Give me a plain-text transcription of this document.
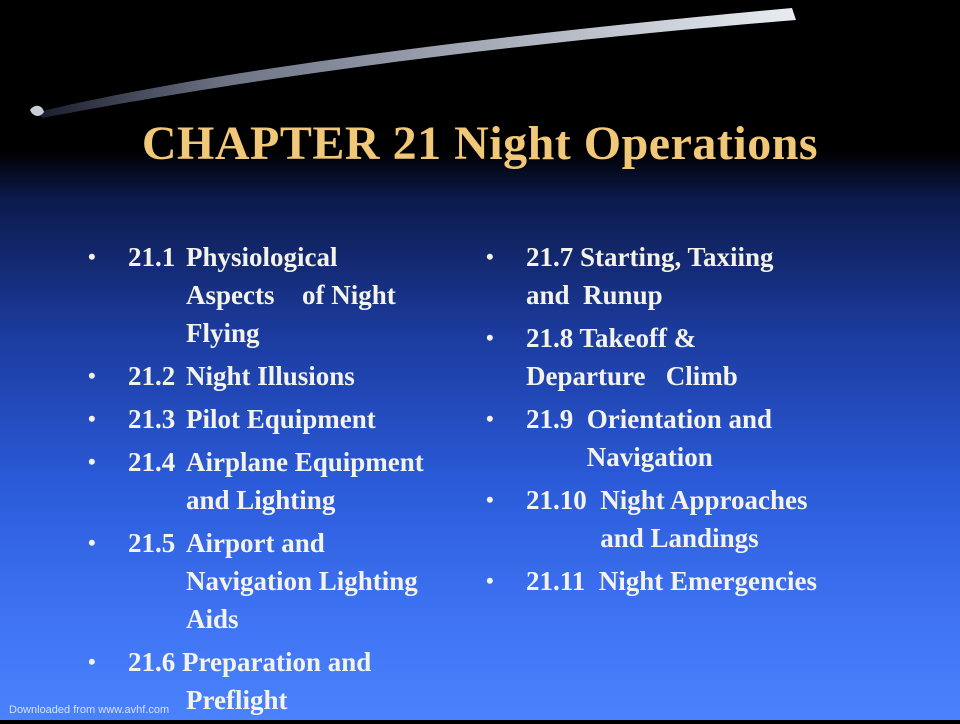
CHAPTER 21 Night Operations
•	21.1	Physiological
	Aspects	of Night
	Flying
•	21.2	Night Illusions
•	21.3	Pilot Equipment
•	21.4	Airplane Equipment
	and Lighting
•	21.5	Airport and
	Navigation Lighting
	Aids
•	21.6 Preparation and
	Preflight
•	21.7 Starting, Taxiing
and  Runup
•	21.8 Takeoff &
Departure   Climb
•	21.9  Orientation and
Navigation
•	21.10  Night Approaches
and Landings
•	21.11  Night Emergencies
Downloaded from www.avhf.com
